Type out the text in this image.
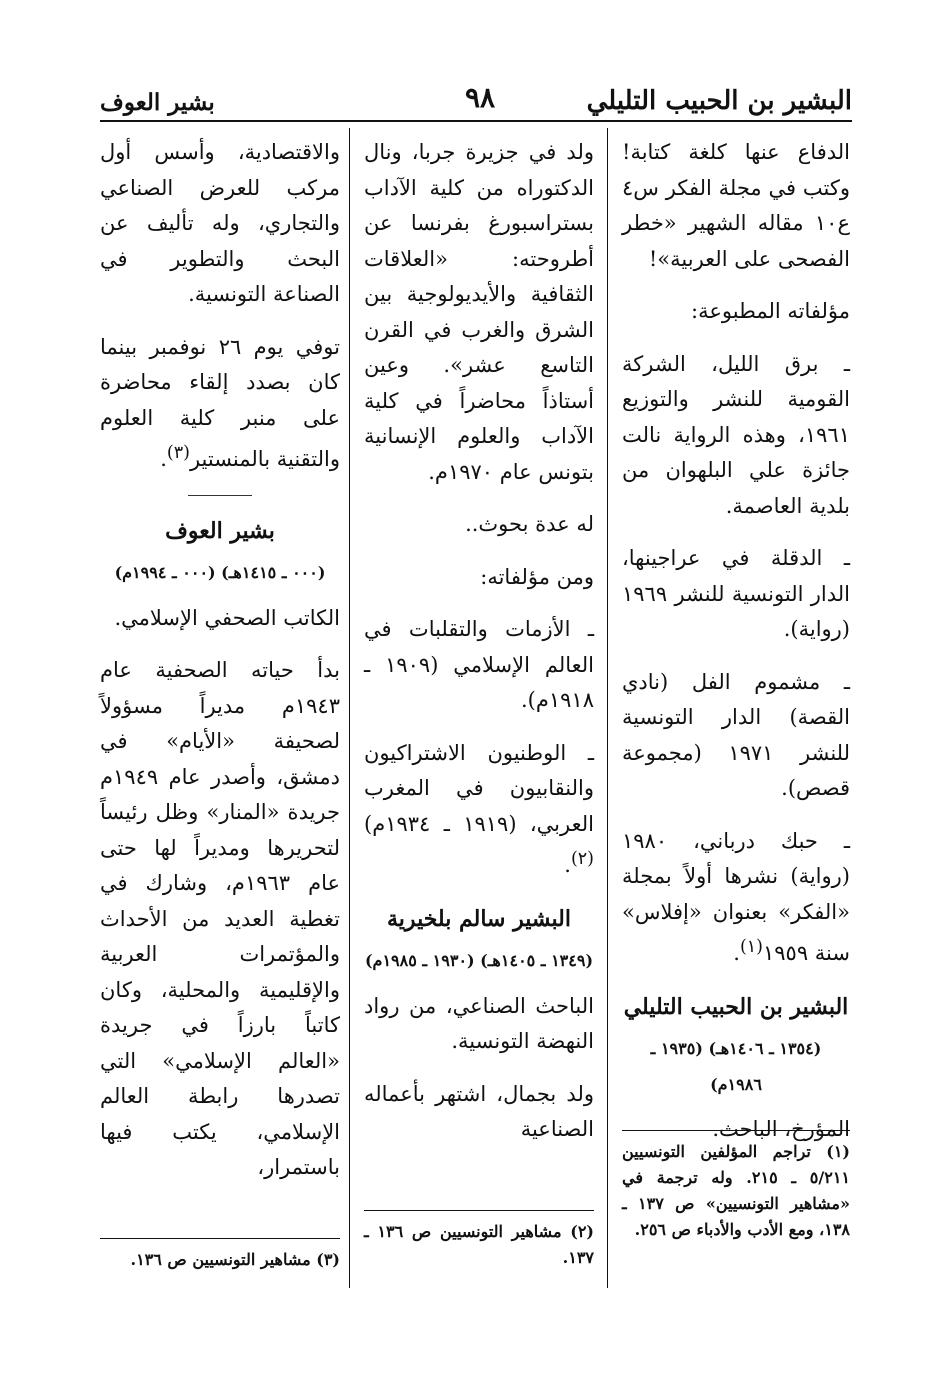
البشير بن الحبيب التليلي
٩٨
بشير العوف

الدفاع عنها كلغة كتابة! وكتب في مجلة الفكر س٤ ع١٠ مقاله الشهير «خطر الفصحى على العربية»!

مؤلفاته المطبوعة:

ـ برق الليل، الشركة القومية للنشر والتوزيع ١٩٦١، وهذه الرواية نالت جائزة علي البلهوان من بلدية العاصمة.

ـ الدقلة في عراجينها، الدار التونسية للنشر ١٩٦٩ (رواية).

ـ مشموم الفل (نادي القصة) الدار التونسية للنشر ١٩٧١ (مجموعة قصص).

ـ حبك درباني، ١٩٨٠ (رواية) نشرها أولاً بمجلة «الفكر» بعنوان «إفلاس» سنة ١٩٥٩$^{(١)}$.

البشير بن الحبيب التليلي
(١٣٥٤ ـ ١٤٠٦هـ) (١٩٣٥ ـ ١٩٨٦م)

المؤرخ، الباحث.

ولد في جزيرة جربا، ونال الدكتوراه من كلية الآداب بستراسبورغ بفرنسا عن أطروحته: «العلاقات الثقافية والأيديولوجية بين الشرق والغرب في القرن التاسع عشر». وعين أستاذاً محاضراً في كلية الآداب والعلوم الإنسانية بتونس عام ١٩٧٠م.

له عدة بحوث..

ومن مؤلفاته:

ـ الأزمات والتقلبات في العالم الإسلامي (١٩٠٩ ـ ١٩١٨م).

ـ الوطنيون الاشتراكيون والنقابيون في المغرب العربي، (١٩١٩ ـ ١٩٣٤م)$^{(٢)}$.

البشير سالم بلخيرية
(١٣٤٩ ـ ١٤٠٥هـ) (١٩٣٠ ـ ١٩٨٥م)

الباحث الصناعي، من رواد النهضة التونسية.

ولد بجمال، اشتهر بأعماله الصناعية

والاقتصادية، وأسس أول مركب للعرض الصناعي والتجاري، وله تأليف عن البحث والتطوير في الصناعة التونسية.

توفي يوم ٢٦ نوفمبر بينما كان بصدد إلقاء محاضرة على منبر كلية العلوم والتقنية بالمنستير$^{(٣)}$.

بشير العوف
(٠٠٠ ـ ١٤١٥هـ) (٠٠٠ ـ ١٩٩٤م)

الكاتب الصحفي الإسلامي.

بدأ حياته الصحفية عام ١٩٤٣م مديراً مسؤولاً لصحيفة «الأيام» في دمشق، وأصدر عام ١٩٤٩م جريدة «المنار» وظل رئيساً لتحريرها ومديراً لها حتى عام ١٩٦٣م، وشارك في تغطية العديد من الأحداث والمؤتمرات العربية والإقليمية والمحلية، وكان كاتباً بارزاً في جريدة «العالم الإسلامي» التي تصدرها رابطة العالم الإسلامي، يكتب فيها باستمرار،

(١) تراجم المؤلفين التونسيين ٥/٢١١ ـ ٢١٥. وله ترجمة في «مشاهير التونسيين» ص ١٣٧ ـ ١٣٨، ومع الأدب والأدباء ص ٢٥٦.
(٢) مشاهير التونسيين ص ١٣٦ ـ ١٣٧.
(٣) مشاهير التونسيين ص ١٣٦.
